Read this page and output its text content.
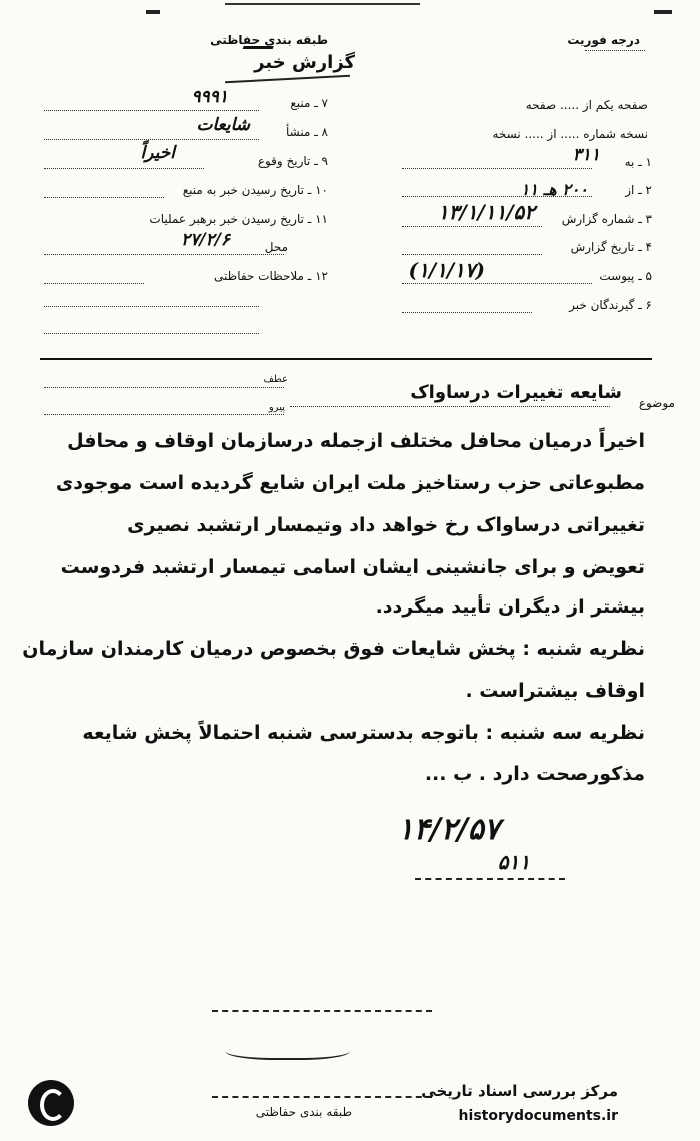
طبقه بندی حفاظتی
گزارش خبر
درجه فوریت
صفحه یکم از ..... صفحه
نسخه شماره ..... از ..... نسخه
۱ ـ به
۳۱۱
۲ ـ از
۲۰۰ هـ ۱۱
۳ ـ شماره گزارش
۱۳/۱/۱۱/۵۲
۴ ـ تاریخ گزارش
۵ ـ پیوست
(۱/۱/۱۷)
۶ ـ گیرندگان خبر
۷ ـ منبع
۹۹۹۱
۸ ـ منشأ
شایعات
۹ ـ تاریخ وقوع
اخیراً
۱۰ ـ تاریخ رسیدن خبر به منبع
۱۱ ـ تاریخ رسیدن خبر برهبر عملیات
محل
۲۷/۲/۶
۱۲ ـ ملاحظات حفاظتی
موضوع
شایعه تغییرات درساواک
عطف
پیرو
اخیراً درمیان محافل مختلف ازجمله درسازمان اوقاف و محافل
مطبوعاتی حزب رستاخیز ملت ایران شایع گردیده است موجودی
تغییراتی درساواک رخ خواهد داد وتیمسار ارتشبد نصیری
تعویض و برای جانشینی ایشان اسامی تیمسار ارتشبد فردوست
بیشتر از دیگران تأیید میگردد.
نظریه شنبه : پخش شایعات فوق بخصوص درمیان کارمندان سازمان
اوقاف بیشتراست .
نظریه سه شنبه : باتوجه بدسترسی شنبه احتمالاً پخش شایعه
مذکورصحت دارد . ب ...
۱۴/۲/۵۷
۵۱۱
طبقه بندی حفاظتی
مرکز بررسی اسناد تاریخی
historydocuments.ir
